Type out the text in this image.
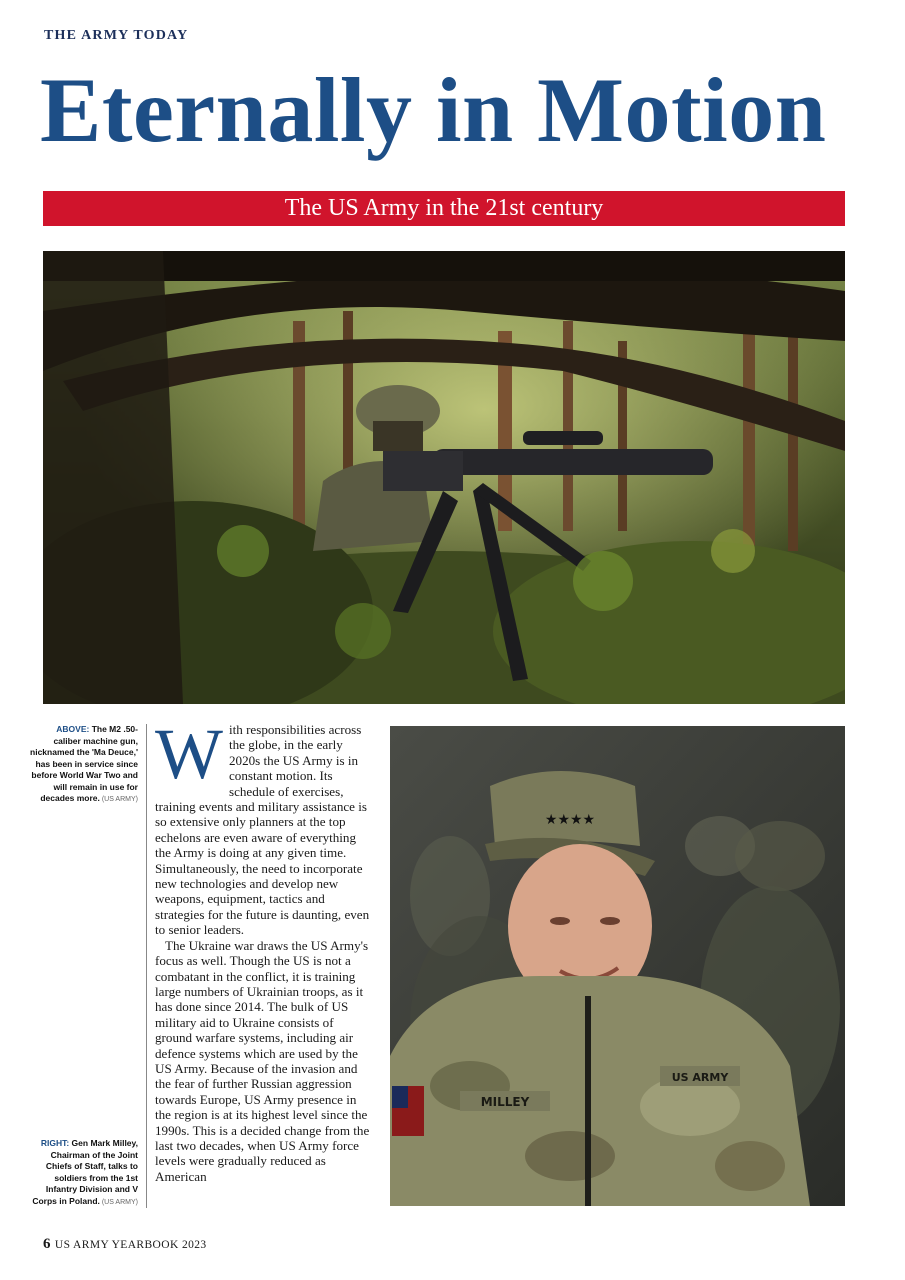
THE ARMY TODAY
Eternally in Motion
The US Army in the 21st century
ABOVE: The M2 .50-caliber machine gun, nicknamed the 'Ma Deuce,' has been in service since before World War Two and will remain in use for decades more. (US ARMY)
RIGHT: Gen Mark Milley, Chairman of the Joint Chiefs of Staff, talks to soldiers from the 1st Infantry Division and V Corps in Poland. (US ARMY)

With responsibilities across the globe, in the early 2020s the US Army is in constant motion. Its schedule of exercises, training events and military assistance is so extensive only planners at the top echelons are even aware of everything the Army is doing at any given time. Simultaneously, the need to incorporate new technologies and develop new weapons, equipment, tactics and strategies for the future is daunting, even to senior leaders.

The Ukraine war draws the US Army's focus as well. Though the US is not a combatant in the conflict, it is training large numbers of Ukrainian troops, as it has done since 2014. The bulk of US military aid to Ukraine consists of ground warfare systems, including air defence systems which are used by the US Army. Because of the invasion and the fear of further Russian aggression towards Europe, US Army presence in the region is at its highest level since the 1990s. This is a decided change from the last two decades, when US Army force levels were gradually reduced as American

★★★★
MILLEY
US ARMY
6 US ARMY YEARBOOK 2023
